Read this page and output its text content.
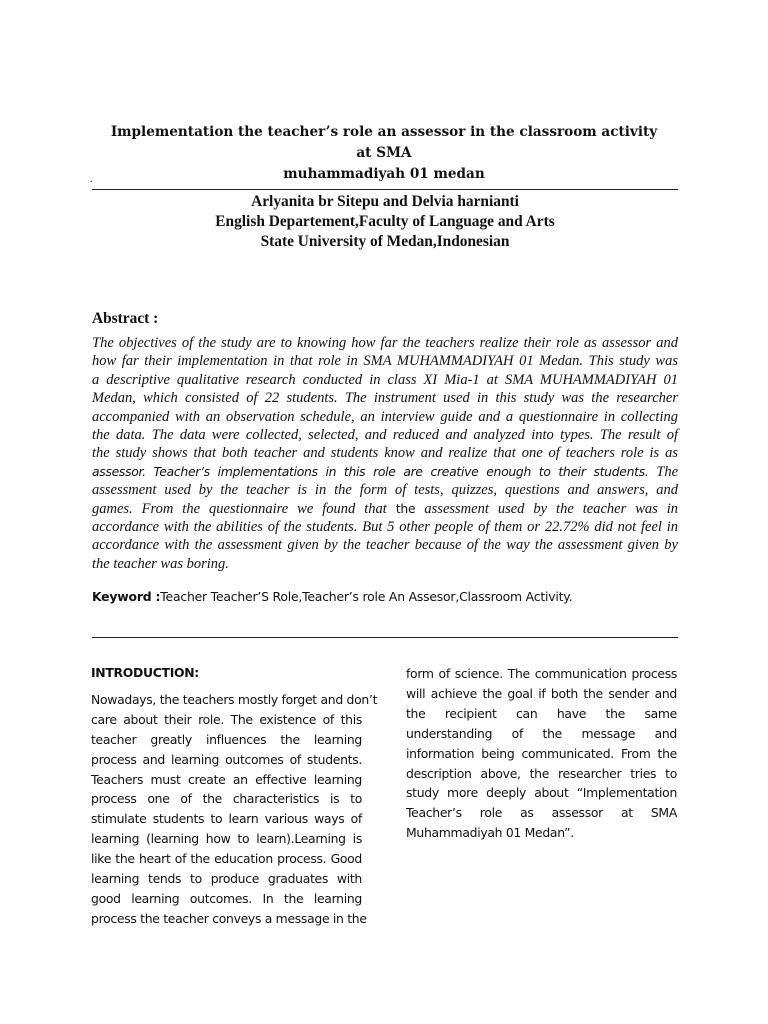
Implementation the teacher’s role an assessor in the classroom activity at SMA
muhammadiyah 01 medan
.
Arlyanita br Sitepu and Delvia harnianti
English Departement,Faculty of Language and Arts
State University of Medan,Indonesian
Abstract :
The objectives of the study are to knowing how far the teachers realize their role as assessor and
how far their implementation in that role in SMA MUHAMMADIYAH 01 Medan. This study was
a descriptive qualitative research conducted in class XI Mia-1 at SMA MUHAMMADIYAH 01
Medan, which consisted of 22 students. The instrument used in this study was the researcher
accompanied with an observation schedule, an interview guide and a questionnaire in collecting
the data. The data were collected, selected, and reduced and analyzed into types. The result of
the study shows that both teacher and students know and realize that one of teachers role is as
assessor. Teacher’s implementations in this role are creative enough to their students. The
assessment used by the teacher is in the form of tests, quizzes, questions and answers, and
games. From the questionnaire we found that the assessment used by the teacher was in
accordance with the abilities of the students. But 5 other people of them or 22.72% did not feel in
accordance with the assessment given by the teacher because of the way the assessment given by
the teacher was boring.
Keyword :Teacher Teacher’S Role,Teacher’s role An Assesor,Classroom Activity.
INTRODUCTION:
Nowadays, the teachers mostly forget and don’t
care about their role. The existence of this
teacher greatly influences the learning
process and learning outcomes of students.
Teachers must create an effective learning
process one of the characteristics is to
stimulate students to learn various ways of
learning (learning how to learn).Learning is
like the heart of the education process. Good
learning tends to produce graduates with
good learning outcomes. In the learning
process the teacher conveys a message in the
form of science. The communication process
will achieve the goal if both the sender and
the recipient can have the same
understanding of the message and
information being communicated. From the
description above, the researcher tries to
study more deeply about “Implementation
Teacher’s role as assessor at SMA
Muhammadiyah 01 Medan”.
